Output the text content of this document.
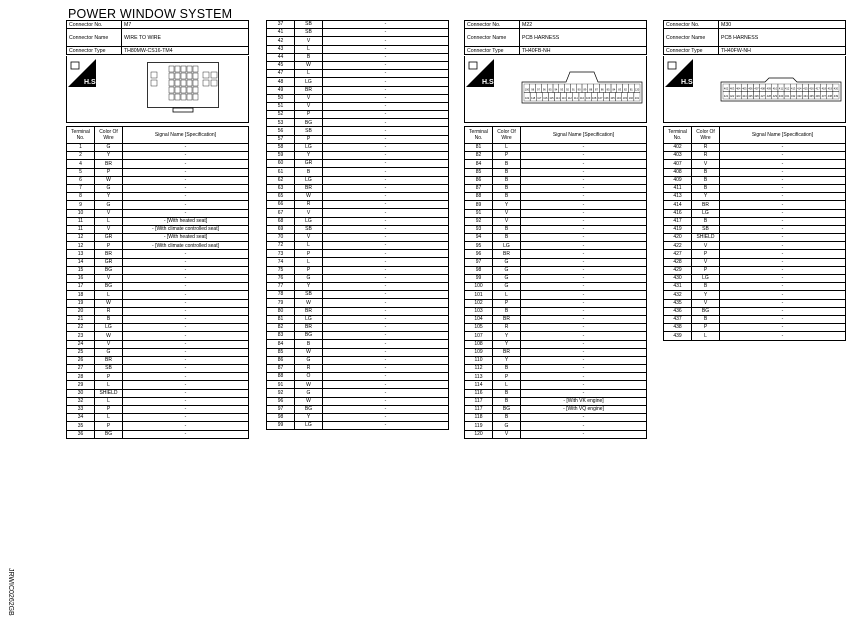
POWER WINDOW SYSTEM
Connector No.	M7
Connector Name	WIRE TO WIRE
Connector Type	TH80MW-CS16-TM4
H.S.
Connector No.	M22
Connector Name	PCB HARNESS
Connector Type	TH40FB-NH
H.S.
100 98 97 96 95 94 93 92 91 90 89 88 87 86 85 84 83 82 81 120
119 118 117 116 115 114 113 112 111 110 109 108 107 106 105 104 103 102 101
Connector No.	M30
Connector Name	PCB HARNESS
Connector Type	TH40FW-NH
H.S.
402 403 404 405 406 407 408 409 410 411 412 413 414 415 416 417 418 419 420
421 422 423 424 425 426 427 428 429 430 431 432 433 434 435 436 437 438 439
Terminal No.	Color Of Wire	Signal Name [Specification]
1	G	-
2	Y	-
4	BR	-
5	P	-
6	W	-
7	G	-
8	Y	-
9	G	-
10	V	-
11	L	- [With heated seat]
11	V	- [With climate controlled seat]
12	GR	- [With heated seat]
12	P	- [With climate controlled seat]
13	BR	-
14	GR	-
15	BG	-
16	V	-
17	BG	-
18	L	-
19	W	-
20	R	-
21	B	-
22	LG	-
23	W	-
24	V	-
25	G	-
26	BR	-
27	SB	-
28	P	-
29	L	-
30	SHIELD	-
32	L	-
33	P	-
34	L	-
35	P	-
36	BG	-
37	SB	-
41	SB	-
42	V	-
43	L	-
44	B	-
45	W	-
47	L	-
48	LG	-
49	BR	-
50	V	-
51	V	-
52	P	-
53	BG	-
56	SB	-
57	P	-
58	LG	-
59	Y	-
60	GR	-
61	B	-
62	LG	-
63	BR	-
65	W	-
66	R	-
67	V	-
68	LG	-
69	SB	-
70	V	-
72	L	-
73	P	-
74	L	-
75	P	-
76	G	-
77	Y	-
78	SB	-
79	W	-
80	BR	-
81	LG	-
82	BR	-
83	BG	-
84	B	-
85	W	-
86	G	-
87	R	-
88	O	-
91	W	-
92	G	-
96	W	-
97	BG	-
98	Y	-
99	LG	-
Terminal No.	Color Of Wire	Signal Name [Specification]
81	L	-
82	P	-
84	B	-
85	B	-
86	B	-
87	B	-
88	B	-
89	Y	-
91	V	-
92	V	-
93	B	-
94	B	-
95	LG	-
96	BR	-
97	G	-
98	G	-
99	G	-
100	G	-
101	L	-
102	P	-
103	B	-
104	BR	-
105	R	-
107	Y	-
108	Y	-
109	BR	-
110	Y	-
112	B	-
113	P	-
114	L	-
116	B	-
117	B	- [With VK engine]
117	BG	- [With VQ engine]
118	B	-
119	G	-
120	V	-
Terminal No.	Color Of Wire	Signal Name [Specification]
402	R	-
403	R	-
407	V	-
408	B	-
409	B	-
411	B	-
413	Y	-
414	BR	-
416	LG	-
417	B	-
419	SB	-
420	SHIELD	-
422	V	-
427	P	-
428	V	-
429	P	-
430	LG	-
431	B	-
432	Y	-
435	V	-
436	BG	-
437	B	-
438	P	-
439	L	-
JRWIC0262GB
